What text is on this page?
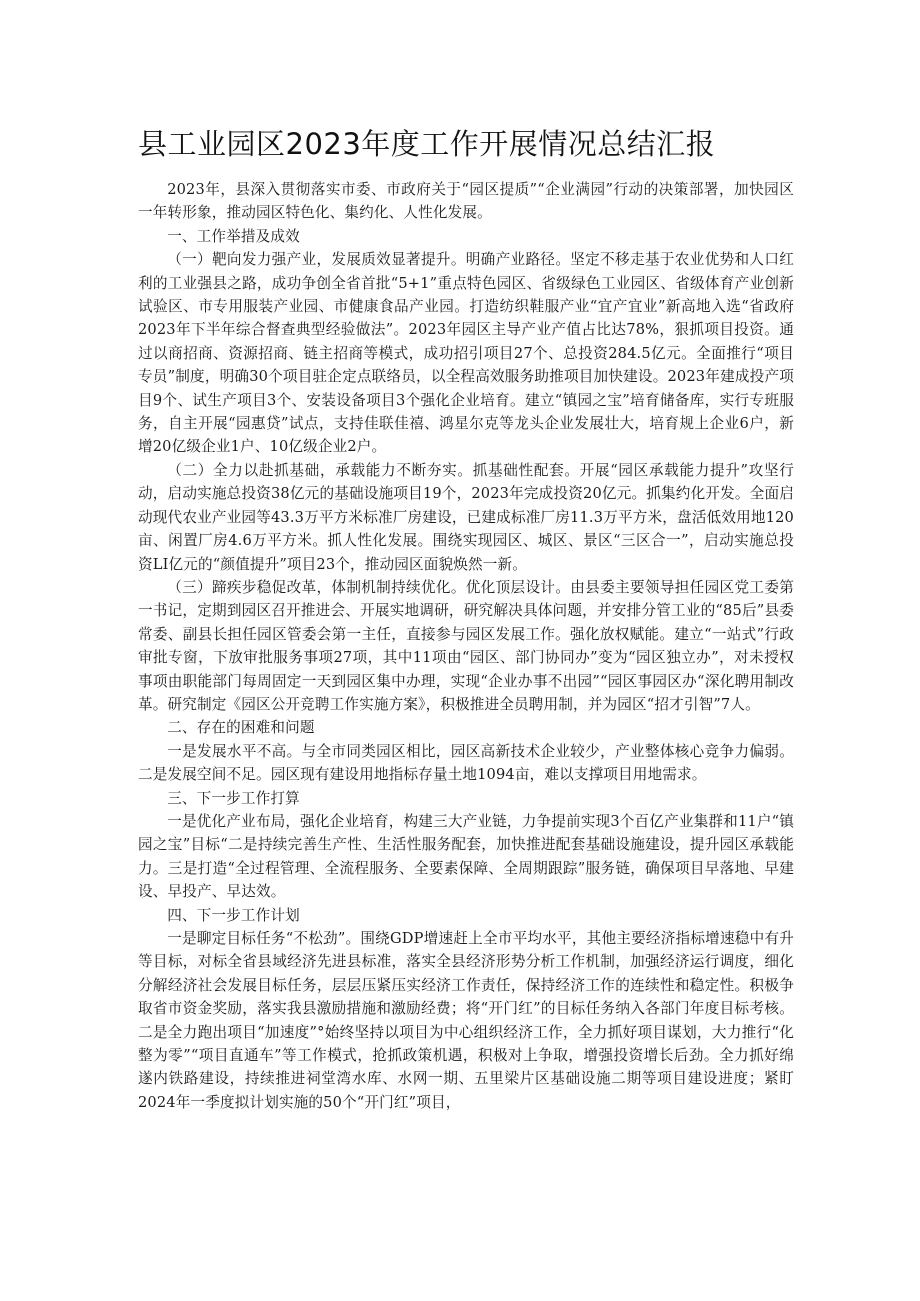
县工业园区2023年度工作开展情况总结汇报

2023年，县深入贯彻落实市委、市政府关于“园区提质”“企业满园”行动的决策部署，加快园区一年转形象，推动园区特色化、集约化、人性化发展。

一、工作举措及成效

（一）靶向发力强产业，发展质效显著提升。明确产业路径。坚定不移走基于农业优势和人口红利的工业强县之路，成功争创全省首批“5+1”重点特色园区、省级绿色工业园区、省级体育产业创新试验区、市专用服装产业园、市健康食品产业园。打造纺织鞋服产业“宜产宜业”新高地入选“省政府2023年下半年综合督查典型经验做法”。2023年园区主导产业产值占比达78%，狠抓项目投资。通过以商招商、资源招商、链主招商等模式，成功招引项目27个、总投资284.5亿元。全面推行“项目专员”制度，明确30个项目驻企定点联络员，以全程高效服务助推项目加快建设。2023年建成投产项目9个、试生产项目3个、安装设备项目3个强化企业培育。建立“镇园之宝”培育储备库，实行专班服务，自主开展“园惠贷”试点，支持佳联佳禧、鸿星尔克等龙头企业发展壮大，培育规上企业6户，新增20亿级企业1户、10亿级企业2户。

（二）全力以赴抓基础，承载能力不断夯实。抓基础性配套。开展“园区承载能力提升”攻坚行动，启动实施总投资38亿元的基础设施项目19个，2023年完成投资20亿元。抓集约化开发。全面启动现代农业产业园等43.3万平方米标准厂房建设，已建成标准厂房11.3万平方米，盘活低效用地120亩、闲置厂房4.6万平方米。抓人性化发展。围绕实现园区、城区、景区“三区合一”，启动实施总投资LI亿元的“颜值提升”项目23个，推动园区面貌焕然一新。

（三）蹄疾步稳促改革，体制机制持续优化。优化顶层设计。由县委主要领导担任园区党工委第一书记，定期到园区召开推进会、开展实地调研，研究解决具体问题，并安排分管工业的“85后”县委常委、副县长担任园区管委会第一主任，直接参与园区发展工作。强化放权赋能。建立“一站式”行政审批专窗，下放审批服务事项27项，其中11项由“园区、部门协同办”变为“园区独立办”，对未授权事项由职能部门每周固定一天到园区集中办理，实现“企业办事不出园”“园区事园区办“深化聘用制改革。研究制定《园区公开竞聘工作实施方案》，积极推进全员聘用制，并为园区“招才引智”7人。

二、存在的困难和问题

一是发展水平不高。与全市同类园区相比，园区高新技术企业较少，产业整体核心竞争力偏弱。二是发展空间不足。园区现有建设用地指标存量土地1094亩，难以支撑项目用地需求。

三、下一步工作打算

一是优化产业布局，强化企业培育，构建三大产业链，力争提前实现3个百亿产业集群和11户“镇园之宝”目标“二是持续完善生产性、生活性服务配套，加快推进配套基础设施建设，提升园区承载能力。三是打造“全过程管理、全流程服务、全要素保障、全周期跟踪”服务链，确保项目早落地、早建设、早投产、早达效。

四、下一步工作计划

一是聊定目标任务“不松劲”。围绕GDP增速赶上全市平均水平，其他主要经济指标增速稳中有升等目标，对标全省县域经济先进县标准，落实全县经济形势分析工作机制，加强经济运行调度，细化分解经济社会发展目标任务，层层压紧压实经济工作责任，保持经济工作的连续性和稳定性。积极争取省市资金奖励，落实我县激励措施和激励经费；将“开门红”的目标任务纳入各部门年度目标考核。二是全力跑出项目“加速度”°始终坚持以项目为中心组织经济工作，全力抓好项目谋划，大力推行“化整为零”“项目直通车”等工作模式，抢抓政策机遇，积极对上争取，增强投资增长后劲。全力抓好绵遂内铁路建设，持续推进祠堂湾水库、水网一期、五里梁片区基础设施二期等项目建设进度；紧盯2024年一季度拟计划实施的50个“开门红”项目，
